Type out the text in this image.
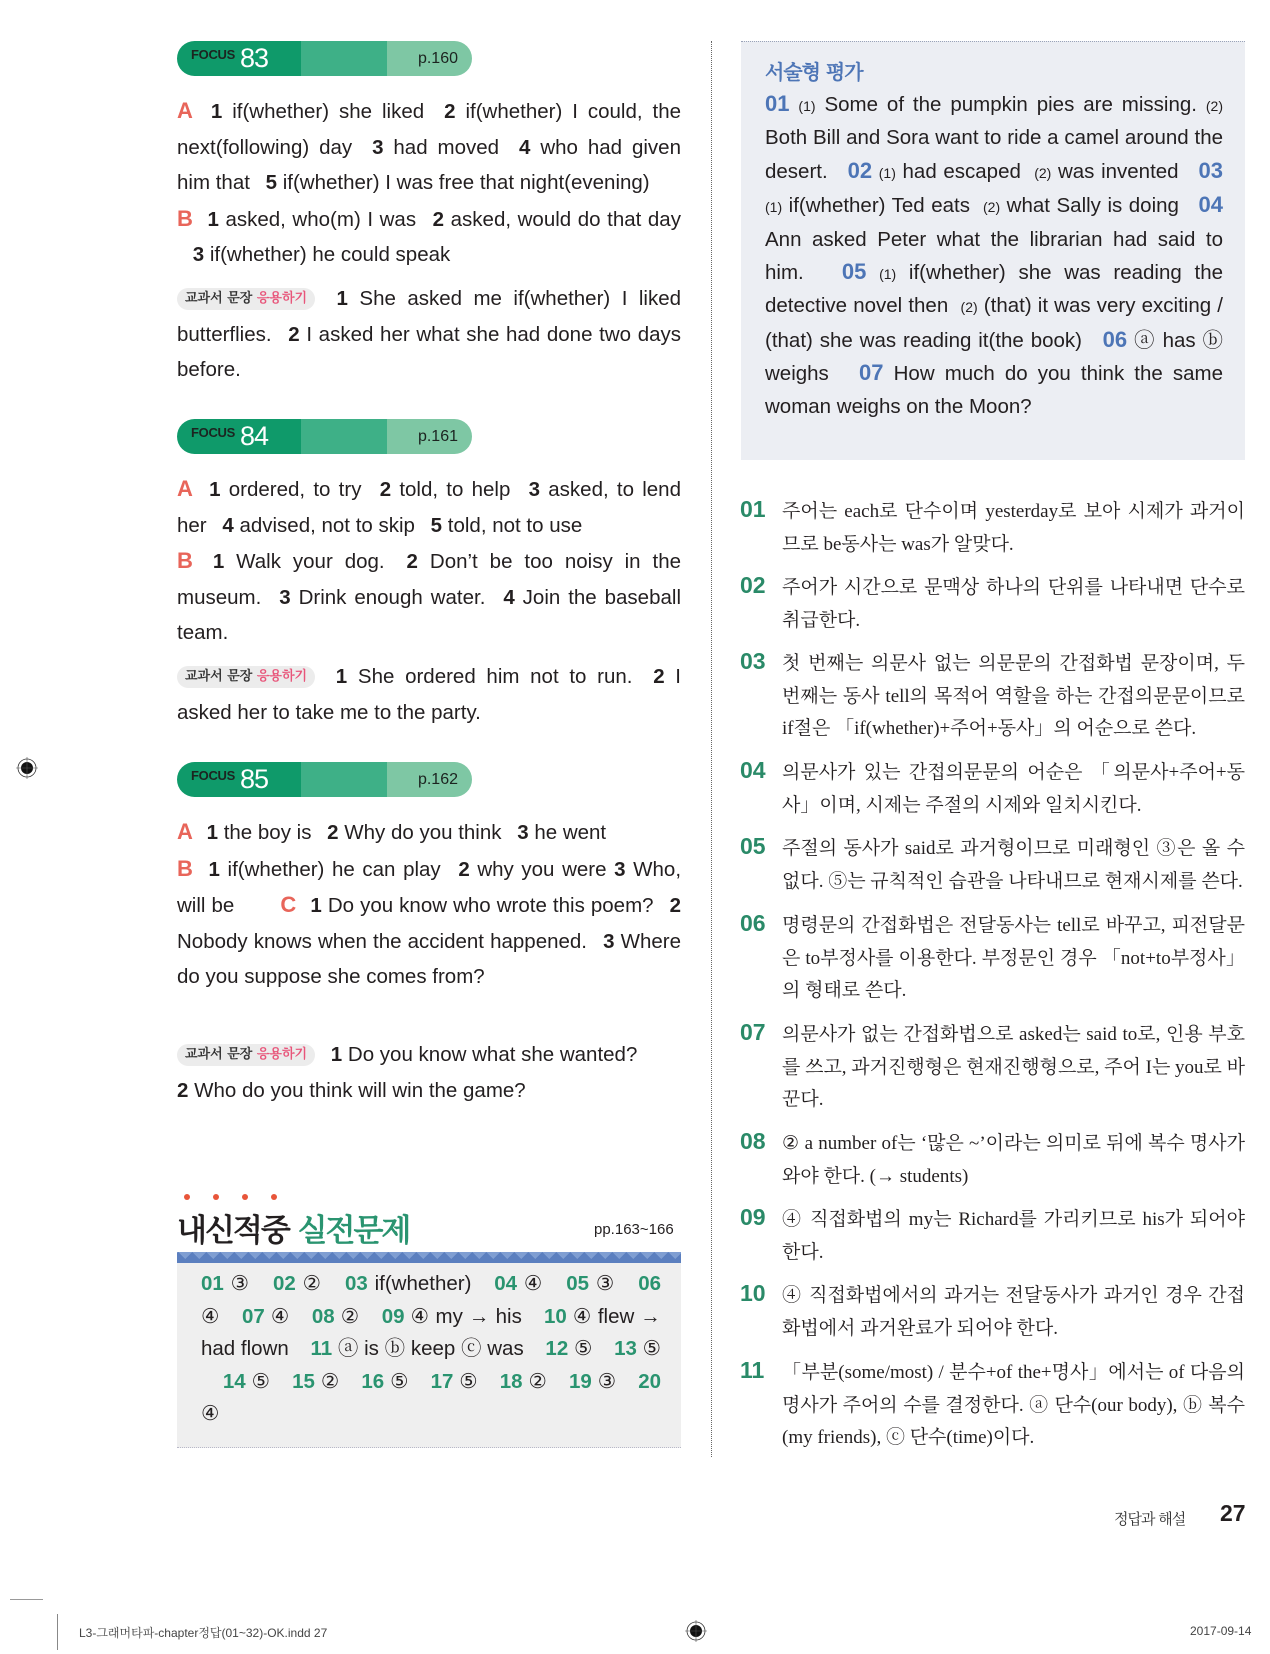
FOCUS 83	p.160
A 1 if(whether) she liked 2 if(whether) I could, the next(following) day 3 had moved 4 who had given him that 5 if(whether) I was free that night(evening)
B 1 asked, who(m) I was 2 asked, would do that day 3 if(whether) he could speak
교과서 문장 응용하기 1 She asked me if(whether) I liked butterflies. 2 I asked her what she had done two days before.
FOCUS 84	p.161
A 1 ordered, to try 2 told, to help 3 asked, to lend her 4 advised, not to skip 5 told, not to use
B 1 Walk your dog. 2 Don’t be too noisy in the museum. 3 Drink enough water. 4 Join the baseball team.
교과서 문장 응용하기 1 She ordered him not to run. 2 I asked her to take me to the party.
FOCUS 85	p.162
A 1 the boy is 2 Why do you think 3 he went
B 1 if(whether) he can play 2 why you were 3 Who, will be C 1 Do you know who wrote this poem? 2 Nobody knows when the accident happened. 3 Where do you suppose she comes from?
교과서 문장 응용하기 1 Do you know what she wanted?
2 Who do you think will win the game?
내신적중 실전문제	pp.163~166
01 ③ 02 ② 03 if(whether) 04 ④ 05 ③ 06 ④ 07 ④ 08 ② 09 ④ my → his 10 ④ flew → had flown 11 ⓐ is ⓑ keep ⓒ was 12 ⑤ 13 ⑤ 14 ⑤ 15 ② 16 ⑤ 17 ⑤ 18 ② 19 ③ 20 ④
서술형 평가
01 (1) Some of the pumpkin pies are missing. (2) Both Bill and Sora want to ride a camel around the desert. 02 (1) had escaped (2) was invented 03 (1) if(whether) Ted eats (2) what Sally is doing 04 Ann asked Peter what the librarian had said to him. 05 (1) if(whether) she was reading the detective novel then (2) (that) it was very exciting / (that) she was reading it(the book) 06 ⓐ has ⓑ weighs 07 How much do you think the same woman weighs on the Moon?
01 주어는 each로 단수이며 yesterday로 보아 시제가 과거이므로 be동사는 was가 알맞다.
02 주어가 시간으로 문맥상 하나의 단위를 나타내면 단수로 취급한다.
03 첫 번째는 의문사 없는 의문문의 간접화법 문장이며, 두 번째는 동사 tell의 목적어 역할을 하는 간접의문문이므로 if절은 「if(whether)+주어+동사」의 어순으로 쓴다.
04 의문사가 있는 간접의문문의 어순은 「의문사+주어+동사」이며, 시제는 주절의 시제와 일치시킨다.
05 주절의 동사가 said로 과거형이므로 미래형인 ③은 올 수 없다. ⑤는 규칙적인 습관을 나타내므로 현재시제를 쓴다.
06 명령문의 간접화법은 전달동사는 tell로 바꾸고, 피전달문은 to부정사를 이용한다. 부정문인 경우 「not+to부정사」의 형태로 쓴다.
07 의문사가 없는 간접화법으로 asked는 said to로, 인용 부호를 쓰고, 과거진행형은 현재진행형으로, 주어 I는 you로 바꾼다.
08 ② a number of는 ‘많은 ~’이라는 의미로 뒤에 복수 명사가 와야 한다. (→ students)
09 ④ 직접화법의 my는 Richard를 가리키므로 his가 되어야 한다.
10 ④ 직접화법에서의 과거는 전달동사가 과거인 경우 간접화법에서 과거완료가 되어야 한다.
11 「부분(some/most) / 분수+of the+명사」에서는 of 다음의 명사가 주어의 수를 결정한다. ⓐ 단수(our body), ⓑ 복수(my friends), ⓒ 단수(time)이다.
정답과 해설 27
L3-그래머타파-chapter정답(01~32)-OK.indd 27	2017-09-14
